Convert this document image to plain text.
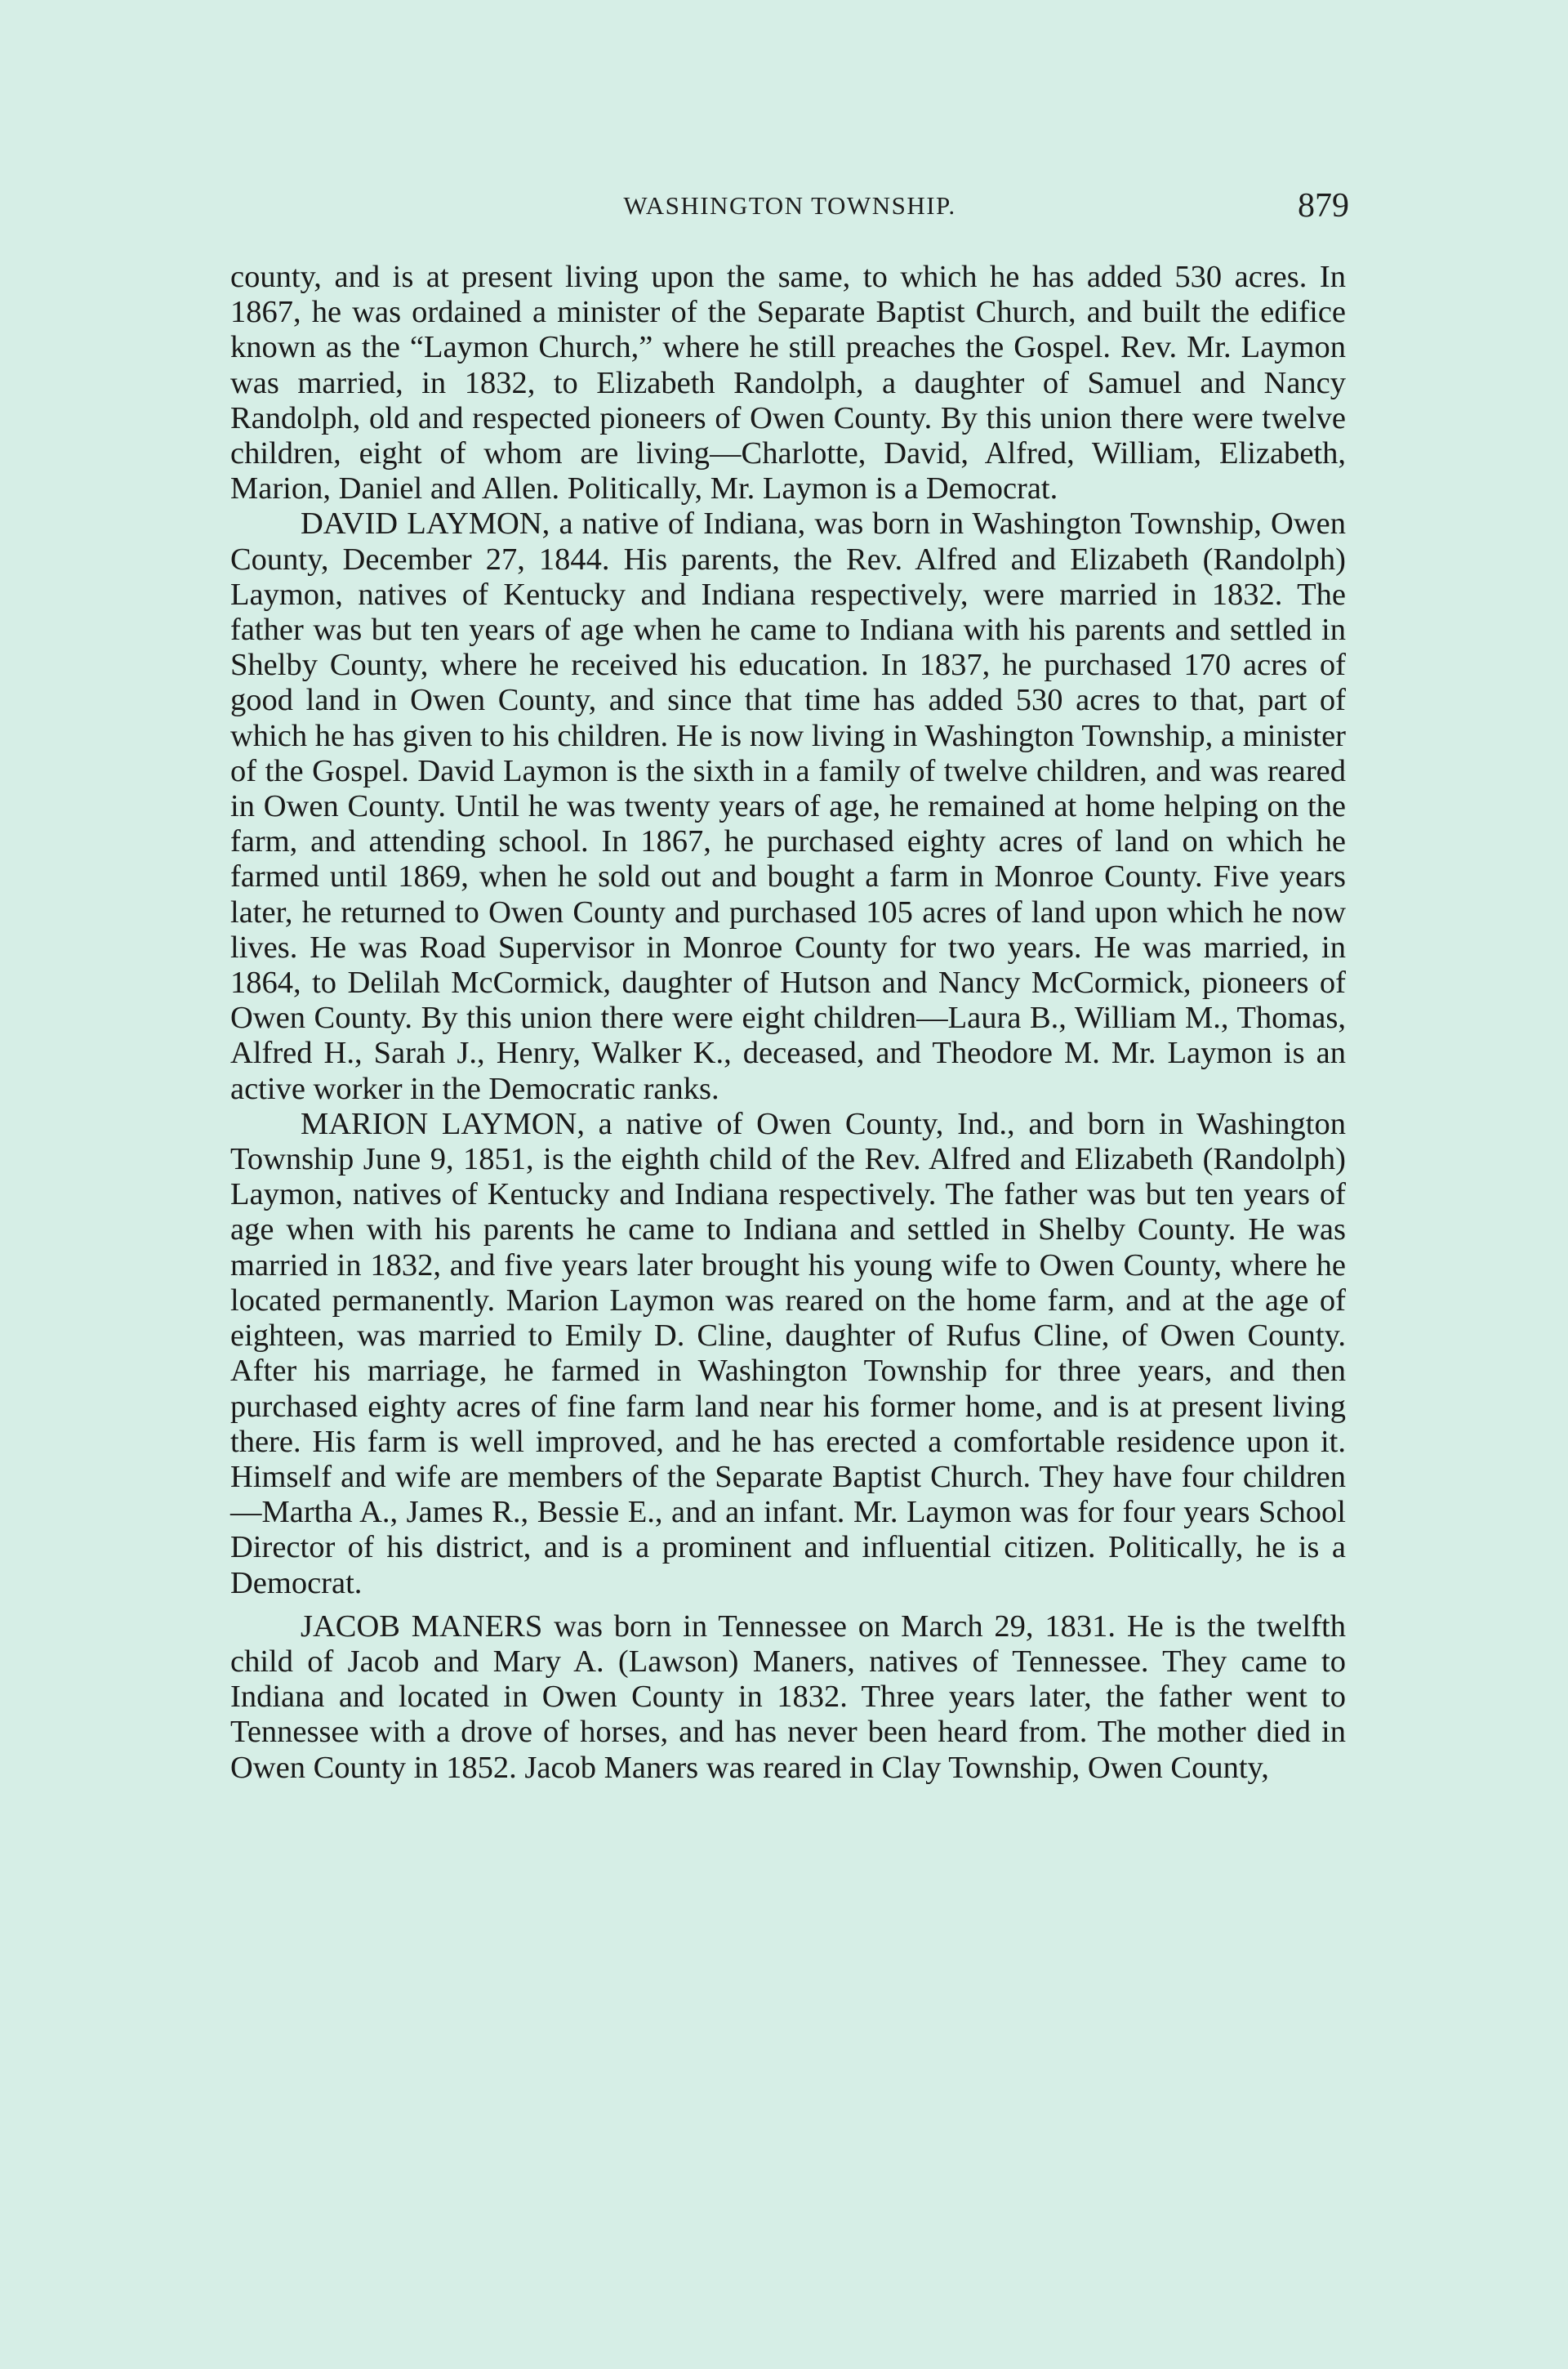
WASHINGTON TOWNSHIP.	879

county, and is at present living upon the same, to which he has added 530 acres. In 1867, he was ordained a minister of the Separate Baptist Church, and built the edifice known as the “Laymon Church,” where he still preaches the Gospel. Rev. Mr. Laymon was married, in 1832, to Elizabeth Randolph, a daughter of Samuel and Nancy Randolph, old and respected pioneers of Owen County. By this union there were twelve children, eight of whom are living—Charlotte, David, Alfred, William, Elizabeth, Marion, Daniel and Allen. Politically, Mr. Laymon is a Democrat.

DAVID LAYMON, a native of Indiana, was born in Washington Township, Owen County, December 27, 1844. His parents, the Rev. Alfred and Elizabeth (Randolph) Laymon, natives of Kentucky and Indiana respectively, were married in 1832. The father was but ten years of age when he came to Indiana with his parents and settled in Shelby County, where he received his education. In 1837, he purchased 170 acres of good land in Owen County, and since that time has added 530 acres to that, part of which he has given to his children. He is now living in Washington Township, a minister of the Gospel. David Laymon is the sixth in a family of twelve children, and was reared in Owen County. Until he was twenty years of age, he remained at home helping on the farm, and attending school. In 1867, he purchased eighty acres of land on which he farmed until 1869, when he sold out and bought a farm in Monroe County. Five years later, he returned to Owen County and purchased 105 acres of land upon which he now lives. He was Road Supervisor in Monroe County for two years. He was married, in 1864, to Delilah McCormick, daughter of Hutson and Nancy McCormick, pioneers of Owen County. By this union there were eight children—Laura B., William M., Thomas, Alfred H., Sarah J., Henry, Walker K., deceased, and Theodore M. Mr. Laymon is an active worker in the Democratic ranks.

MARION LAYMON, a native of Owen County, Ind., and born in Washington Township June 9, 1851, is the eighth child of the Rev. Alfred and Elizabeth (Randolph) Laymon, natives of Kentucky and Indiana respectively. The father was but ten years of age when with his parents he came to Indiana and settled in Shelby County. He was married in 1832, and five years later brought his young wife to Owen County, where he located permanently. Marion Laymon was reared on the home farm, and at the age of eighteen, was married to Emily D. Cline, daughter of Rufus Cline, of Owen County. After his marriage, he farmed in Washington Township for three years, and then purchased eighty acres of fine farm land near his former home, and is at present living there. His farm is well improved, and he has erected a comfortable residence upon it. Himself and wife are members of the Separate Baptist Church. They have four children—Martha A., James R., Bessie E., and an infant. Mr. Laymon was for four years School Director of his district, and is a prominent and influential citizen. Politically, he is a Democrat.

JACOB MANERS was born in Tennessee on March 29, 1831. He is the twelfth child of Jacob and Mary A. (Lawson) Maners, natives of Tennessee. They came to Indiana and located in Owen County in 1832. Three years later, the father went to Tennessee with a drove of horses, and has never been heard from. The mother died in Owen County in 1852. Jacob Maners was reared in Clay Township, Owen County,
